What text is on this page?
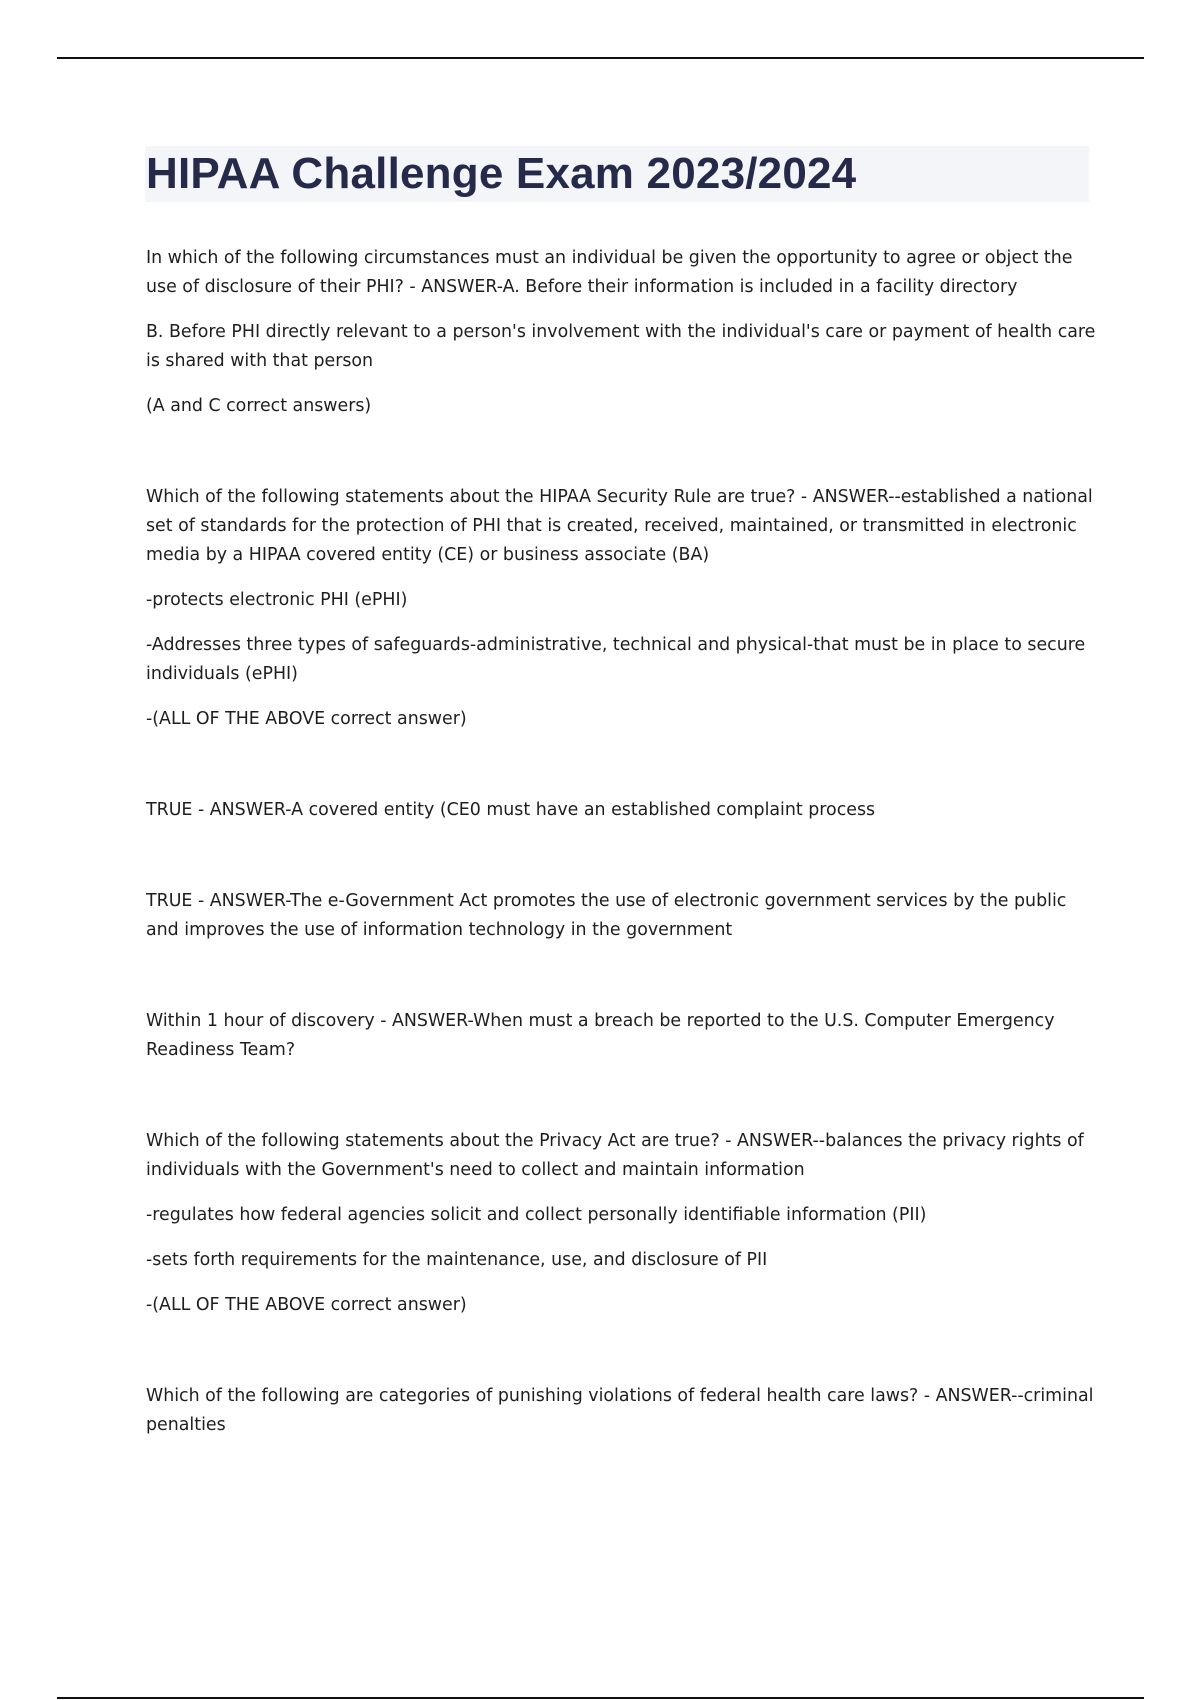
HIPAA Challenge Exam 2023/2024

In which of the following circumstances must an individual be given the opportunity to agree or object the use of disclosure of their PHI? - ANSWER-A. Before their information is included in a facility directory

B. Before PHI directly relevant to a person's involvement with the individual's care or payment of health care is shared with that person

(A and C correct answers)

Which of the following statements about the HIPAA Security Rule are true? - ANSWER--established a national set of standards for the protection of PHI that is created, received, maintained, or transmitted in electronic media by a HIPAA covered entity (CE) or business associate (BA)

-protects electronic PHI (ePHI)

-Addresses three types of safeguards-administrative, technical and physical-that must be in place to secure individuals (ePHI)

-(ALL OF THE ABOVE correct answer)

TRUE - ANSWER-A covered entity (CE0 must have an established complaint process

TRUE - ANSWER-The e-Government Act promotes the use of electronic government services by the public and improves the use of information technology in the government

Within 1 hour of discovery - ANSWER-When must a breach be reported to the U.S. Computer Emergency Readiness Team?

Which of the following statements about the Privacy Act are true? - ANSWER--balances the privacy rights of individuals with the Government's need to collect and maintain information

-regulates how federal agencies solicit and collect personally identifiable information (PII)

-sets forth requirements for the maintenance, use, and disclosure of PII

-(ALL OF THE ABOVE correct answer)

Which of the following are categories of punishing violations of federal health care laws? - ANSWER--criminal penalties
